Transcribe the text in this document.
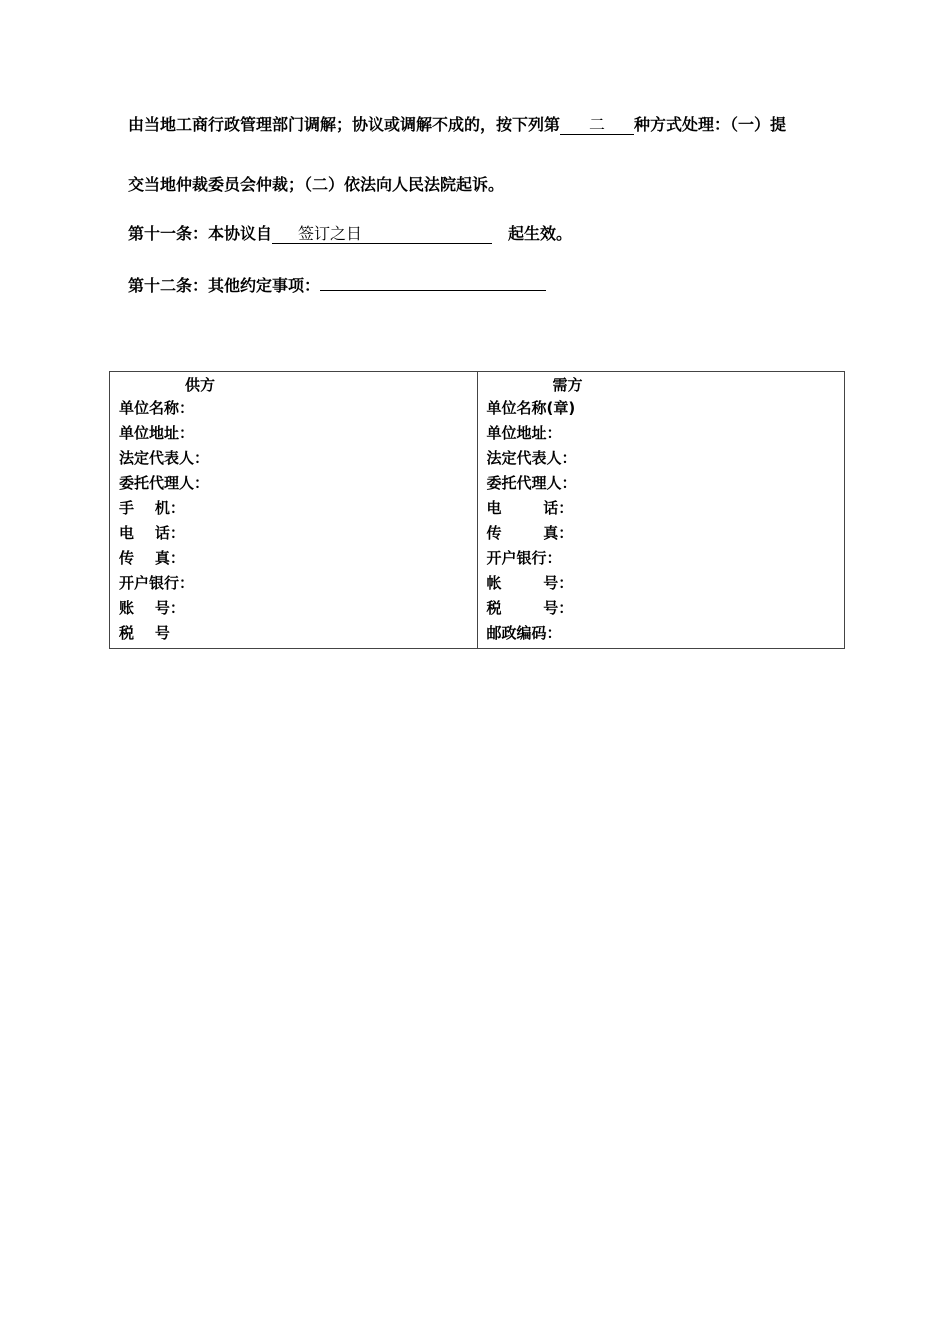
由当地工商行政管理部门调解；协议或调解不成的，按下列第 二 种方式处理：（一）提
交当地仲裁委员会仲裁；（二）依法向人民法院起诉。
第十一条：本协议自 签订之日	起生效。
第十二条：其他约定事项：
供方
单位名称：
单位地址：
法定代表人：
委托代理人：
手    机：
电    话：
传    真：
开户银行：
账    号：
税    号

需方
单位名称(章)
单位地址：
法定代表人：
委托代理人：
电        话：
传        真：
开户银行：
帐        号：
税        号：
邮政编码：
